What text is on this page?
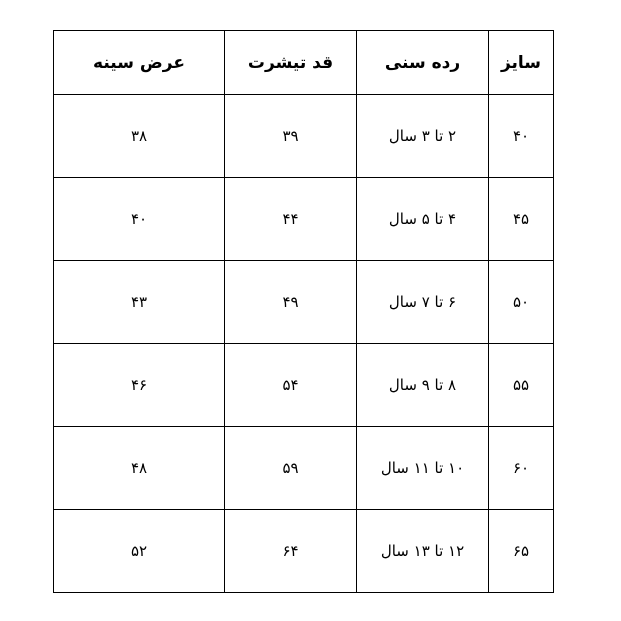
سایز	رده سنی	قد تیشرت	عرض سینه
۴۰	۲ تا ۳ سال	۳۹	۳۸
۴۵	۴ تا ۵ سال	۴۴	۴۰
۵۰	۶ تا ۷ سال	۴۹	۴۳
۵۵	۸ تا ۹ سال	۵۴	۴۶
۶۰	۱۰ تا ۱۱ سال	۵۹	۴۸
۶۵	۱۲ تا ۱۳ سال	۶۴	۵۲
